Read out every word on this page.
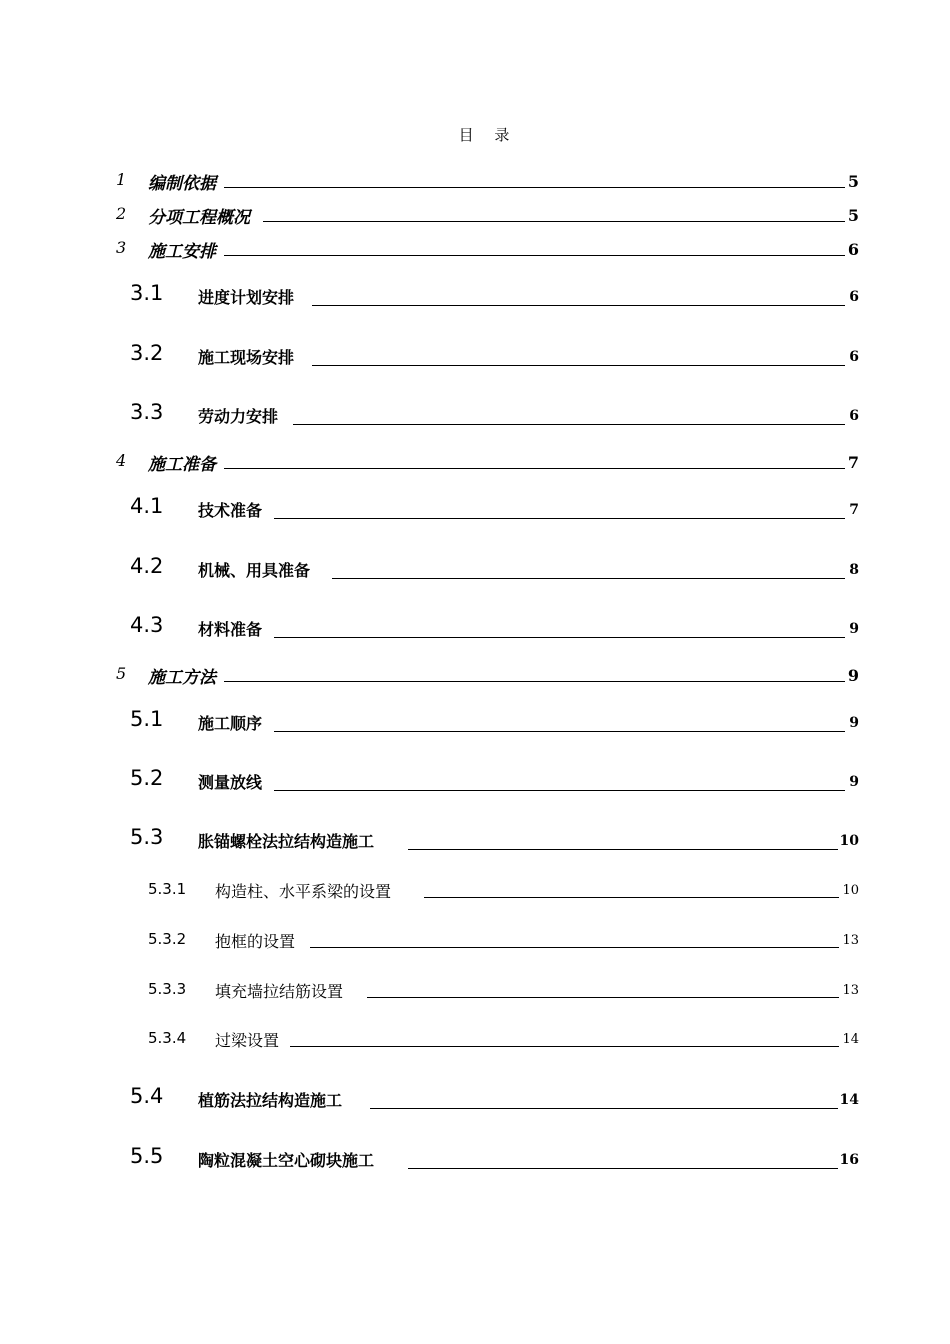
目 录
1 编制依据	5
2 分项工程概况	5
3 施工安排	6
3.1 进度计划安排	6
3.2 施工现场安排	6
3.3 劳动力安排	6
4 施工准备	7
4.1 技术准备	7
4.2 机械、用具准备	8
4.3 材料准备	9
5 施工方法	9
5.1 施工顺序	9
5.2 测量放线	9
5.3 胀锚螺栓法拉结构造施工	10
5.3.1 构造柱、水平系梁的设置	10
5.3.2 抱框的设置	13
5.3.3 填充墙拉结筋设置	13
5.3.4 过梁设置	14
5.4 植筋法拉结构造施工	14
5.5 陶粒混凝土空心砌块施工	16
